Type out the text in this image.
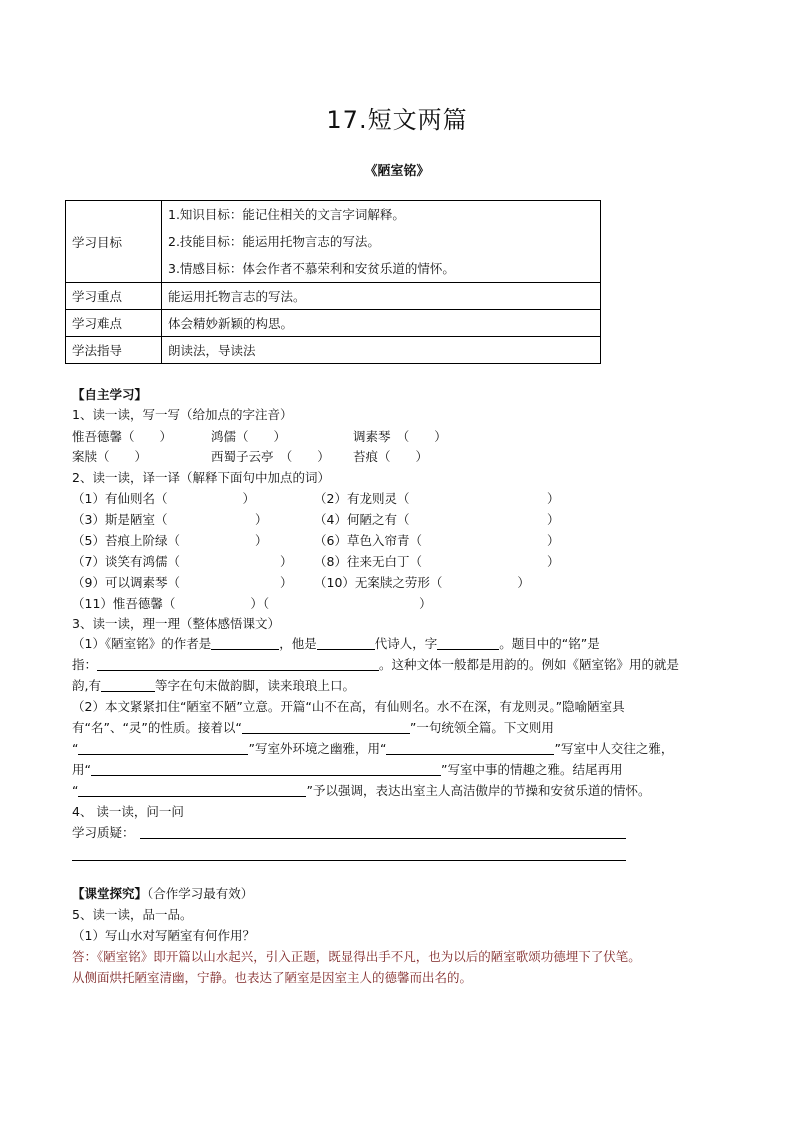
17.短文两篇
《陋室铭》
学习目标	1.知识目标：能记住相关的文言字词解释。
2.技能目标：能运用托物言志的写法。
3.情感目标：体会作者不慕荣利和安贫乐道的情怀。

学习重点	能运用托物言志的写法。
学习难点	体会精妙新颖的构思。
学法指导	朗读法，导读法
【自主学习】
1、读一读，写一写（给加点的字注音）
惟吾德馨（　　）	鸿儒（　　）	调素琴　（　　）
案牍（　　）	西蜀子云亭　（　　） 苔痕（　　）
2、读一读，译一译（解释下面句中加点的词）
（1）有仙则名（　　　　　　）	（2）有龙则灵（　　　　　　　　　　　）
（3）斯是陋室（　　　　　　　）	（4）何陋之有（　　　　　　　　　　　）
（5）苔痕上阶绿（　　　　　　）	（6）草色入帘青（　　　　　　　　　　）
（7）谈笑有鸿儒（　　　　　　　　） （8）往来无白丁（　　　　　　　　　　）
（9）可以调素琴（　　　　　　　　） （10）无案牍之劳形（　　　　　　）
（11）惟吾德馨（　　　　　　）（　　　　　　　　　　　　）
3、读一读，理一理（整体感悟课文）
（1）《陋室铭》的作者是	，他是	代诗人，字	。题目中的“铭”是
指：	。这种文体一般都是用韵的。例如《陋室铭》用的就是
韵,有	等字在句末做韵脚，读来琅琅上口。
（2）本文紧紧扣住“陋室不陋”立意。开篇“山不在高，有仙则名。水不在深，有龙则灵。”隐喻陋室具
有“名”、“灵”的性质。接着以“	”一句统领全篇。下文则用
“	”写室外环境之幽雅，用“	”写室中人交往之雅，
用“	”写室中事的情趣之雅。结尾再用
“	”予以强调，表达出室主人高洁傲岸的节操和安贫乐道的情怀。
4、 读一读，问一问
学习质疑：
【课堂探究】（合作学习最有效）
5、读一读，品一品。
（1）写山水对写陋室有何作用？
答：《陋室铭》即开篇以山水起兴，引入正题，既显得出手不凡，也为以后的陋室歌颂功德埋下了伏笔。
从侧面烘托陋室清幽，宁静。也表达了陋室是因室主人的德馨而出名的。
